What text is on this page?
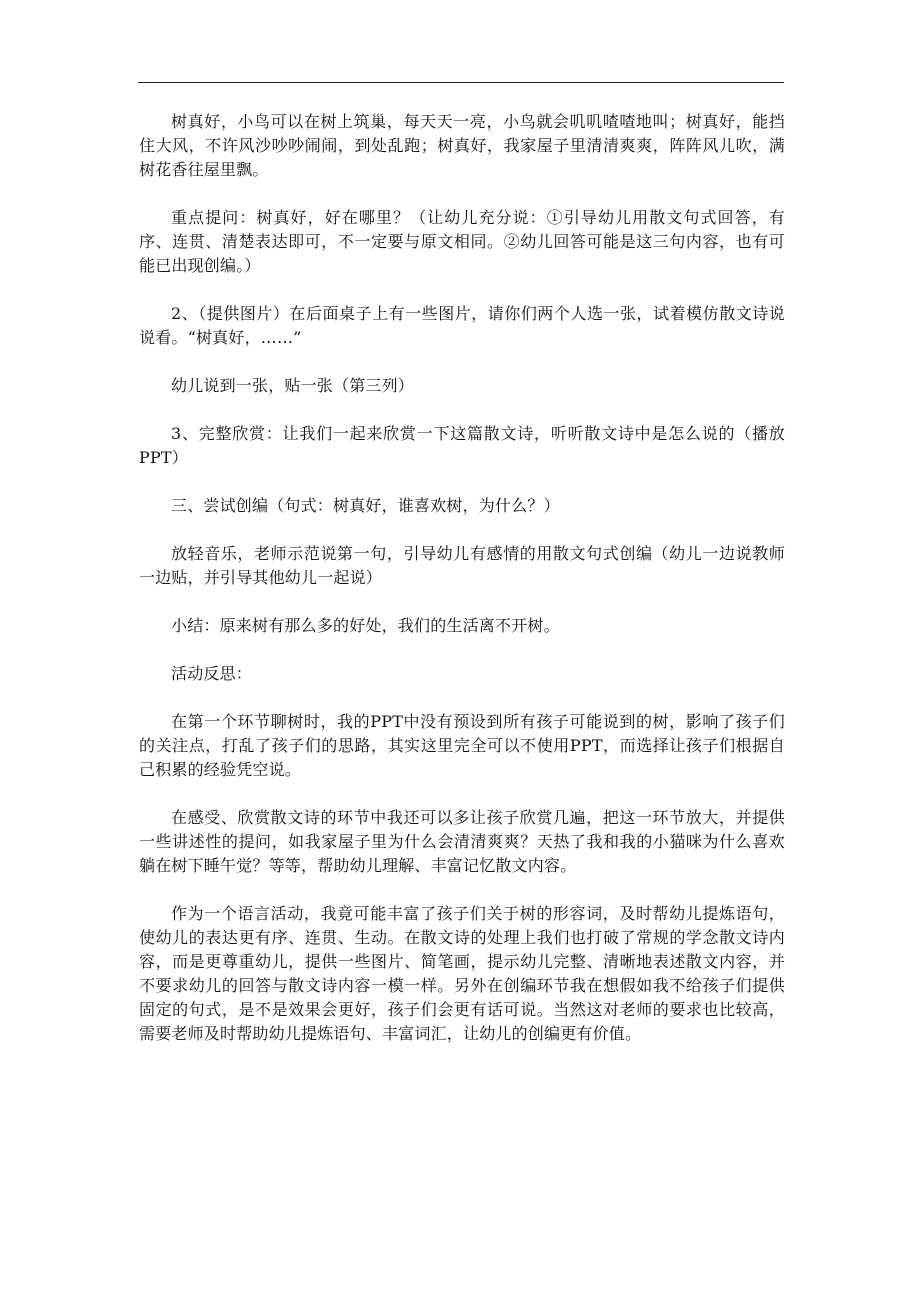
树真好，小鸟可以在树上筑巢，每天天一亮，小鸟就会叽叽喳喳地叫；树真好，能挡住大风，不许风沙吵吵闹闹，到处乱跑；树真好，我家屋子里清清爽爽，阵阵风儿吹，满树花香往屋里飘。

重点提问：树真好，好在哪里？（让幼儿充分说：①引导幼儿用散文句式回答，有序、连贯、清楚表达即可，不一定要与原文相同。②幼儿回答可能是这三句内容，也有可能已出现创编。）

2、（提供图片）在后面桌子上有一些图片，请你们两个人选一张，试着模仿散文诗说说看。“树真好，……”

幼儿说到一张，贴一张（第三列）

3、完整欣赏：让我们一起来欣赏一下这篇散文诗，听听散文诗中是怎么说的（播放PPT）

三、尝试创编（句式：树真好，谁喜欢树，为什么？）

放轻音乐，老师示范说第一句，引导幼儿有感情的用散文句式创编（幼儿一边说教师一边贴，并引导其他幼儿一起说）

小结：原来树有那么多的好处，我们的生活离不开树。

活动反思：

在第一个环节聊树时，我的PPT中没有预设到所有孩子可能说到的树，影响了孩子们的关注点，打乱了孩子们的思路，其实这里完全可以不使用PPT，而选择让孩子们根据自己积累的经验凭空说。

在感受、欣赏散文诗的环节中我还可以多让孩子欣赏几遍，把这一环节放大，并提供一些讲述性的提问，如我家屋子里为什么会清清爽爽？天热了我和我的小猫咪为什么喜欢躺在树下睡午觉？等等，帮助幼儿理解、丰富记忆散文内容。

作为一个语言活动，我竟可能丰富了孩子们关于树的形容词，及时帮幼儿提炼语句，使幼儿的表达更有序、连贯、生动。在散文诗的处理上我们也打破了常规的学念散文诗内容，而是更尊重幼儿，提供一些图片、简笔画，提示幼儿完整、清晰地表述散文内容，并不要求幼儿的回答与散文诗内容一模一样。另外在创编环节我在想假如我不给孩子们提供固定的句式，是不是效果会更好，孩子们会更有话可说。当然这对老师的要求也比较高，需要老师及时帮助幼儿提炼语句、丰富词汇，让幼儿的创编更有价值。
